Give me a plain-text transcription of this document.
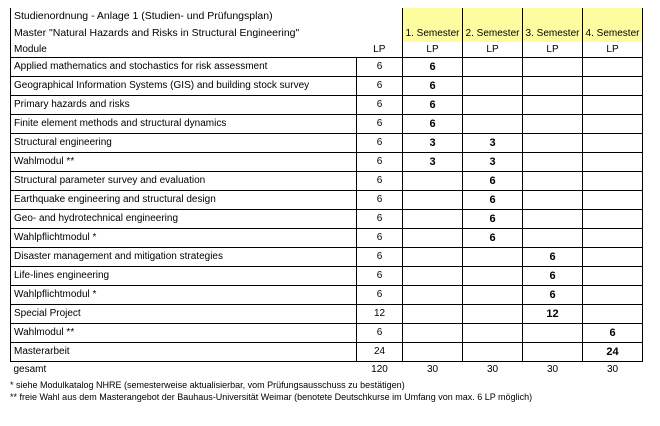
Studienordnung - Anlage 1 (Studien- und Prüfungsplan)		1. Semester	2. Semester	3. Semester	4. Semester
Master "Natural Hazards and Risks in Structural Engineering"					
Module	LP	LP	LP	LP	LP
Applied mathematics and stochastics for risk assessment	6	6			
Geographical Information Systems (GIS) and building stock survey	6	6			
Primary hazards and risks	6	6			
Finite element methods and structural dynamics	6	6			
Structural engineering	6	3	3		
Wahlmodul **	6	3	3		
Structural parameter survey and evaluation	6		6		
Earthquake engineering and structural design	6		6		
Geo- and hydrotechnical engineering	6		6		
Wahlpflichtmodul *	6		6		
Disaster management and mitigation strategies	6			6	
Life-lines engineering	6			6	
Wahlpflichtmodul *	6			6	
Special Project	12			12	
Wahlmodul **	6				6
Masterarbeit	24				24
gesamt	120	30	30	30	30
* siehe Modulkatalog NHRE (semesterweise aktualisierbar, vom Prüfungsausschuss zu bestätigen)
** freie Wahl aus dem Masterangebot der Bauhaus-Universität Weimar (benotete Deutschkurse im Umfang von max. 6 LP möglich)
